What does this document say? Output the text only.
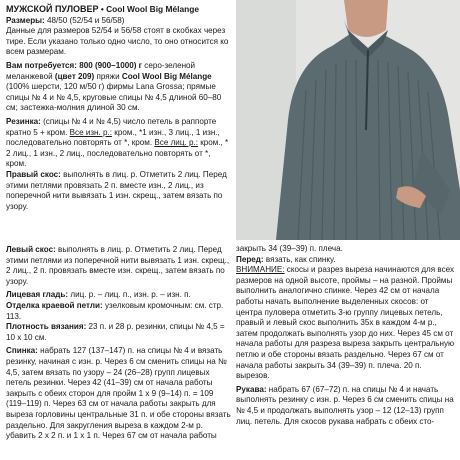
МУЖСКОЙ ПУЛОВЕР • Cool Wool Big Mélange

Размеры: 48/50 (52/54 и 56/58)

Данные для размеров 52/54 и 56/58 стоят в скобках через тире. Если указано только одно число, то оно относится ко всем размерам.

Вам потребуется: 800 (900–1000) г серо-зеленой меланжевой (цвет 209) пряжи Cool Wool Big Mélange (100% шерсти, 120 м/50 г) фирмы Lana Grossa; прямые спицы № 4 и № 4,5, круговые спицы № 4,5 длиной 60–80 см; застежка-молния длиной 30 см.

Резинка: (спицы № 4 и № 4,5) число петель в раппорте кратно 5 + кром. Все изн. р.: кром., *1 изн., 3 лиц., 1 изн., последовательно повторять от *, кром. Все лиц. р.: кром., * 2 лиц., 1 изн., 2 лиц., последовательно повторять от *, кром.

Правый скос: выполнять в лиц. р. Отметить 2 лиц. Перед этими петлями провязать 2 п. вместе изн., 2 лиц., из поперечной нити вывязать 1 изн. скрещ., затем вязать по узору.

Левый скос: выполнять в лиц. р. Отметить 2 лиц. Перед этими петлями из поперечной нити вывязать 1 изн. скрещ., 2 лиц., 2 п. провязать вместе изн. скрещ., затем вязать по узору.

Лицевая гладь: лиц. р. – лиц. п., изн. р. – изн. п.

Отделка краевой петли: узелковым кромочным: см. стр. 113.

Плотность вязания: 23 п. и 28 р. резинки, спицы № 4,5 = 10 x 10 см.

Спинка: набрать 127 (137–147) п. на спицы № 4 и вязать резинку, начиная с изн. р. Через 6 см сменить спицы на № 4,5, затем вязать по узору – 24 (26–28) групп лицевых петель резинки. Через 42 (41–39) см от начала работы закрыть с обеих сторон для пройм 1 x 9 (9–14) п. = 109 (119–119) п. Через 63 см от начала работы закрыть для выреза горловины центральные 31 п. и обе стороны вязать раздельно. Для закругления выреза в каждом 2-м р. убавить 2 x 2 п. и 1 x 1 п. Через 67 см от начала работы

закрыть 34 (39–39) п. плеча.

Перед: вязать, как спинку.

ВНИМАНИЕ: скосы и разрез выреза начинаются для всех размеров на одной высоте, проймы – на разной. Проймы выполнить аналогично спинке. Через 42 см от начала работы начать выполнение выделенных скосов: от центра пуловера отметить 3-ю группу лицевых петель, правый и левый скос выполнить 35x в каждом 4-м р., затем продолжать выполнять узор до них. Через 45 см от начала работы для разреза выреза закрыть центральную петлю и обе стороны вязать раздельно. Через 67 см от начала работы закрыть 34 (39–39) п. плеча. 20 п. вырезов.

Рукава: набрать 67 (67–72) п. на спицы № 4 и начать выполнять резинку с изн. р. Через 6 см сменить спицы на № 4,5 и продолжать выполнять узор – 12 (12–13) групп лиц. петель. Для скосов рукава набрать с обеих сто-
